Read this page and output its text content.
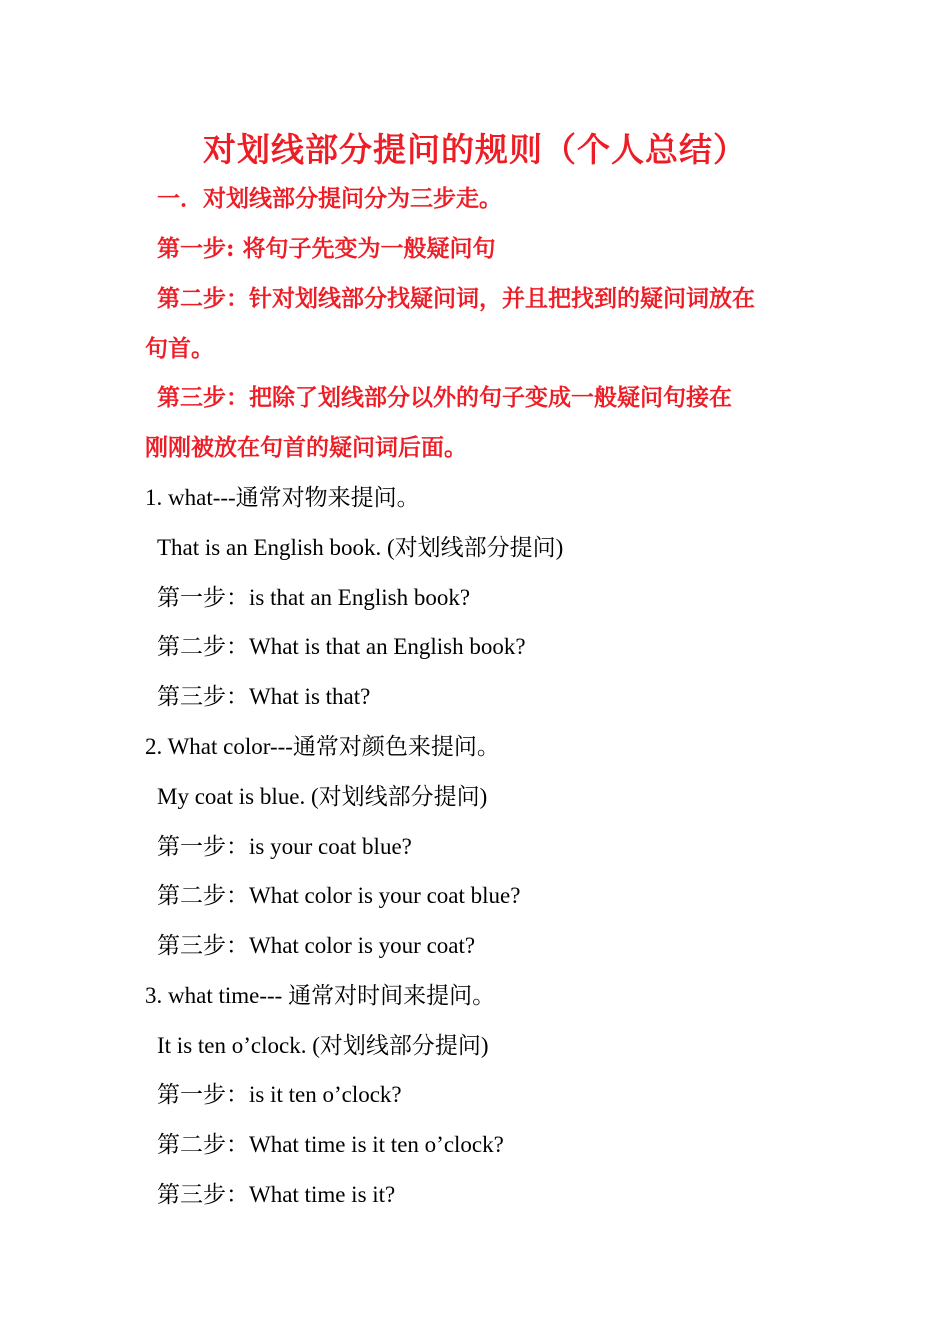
对划线部分提问的规则（个人总结）
一．对划线部分提问分为三步走。
第一步: 将句子先变为一般疑问句
第二步：针对划线部分找疑问词，并且把找到的疑问词放在
句首。
第三步：把除了划线部分以外的句子变成一般疑问句接在
刚刚被放在句首的疑问词后面。
1. what---通常对物来提问。
That is an English book. (对划线部分提问)
第一步：is that an English book?
第二步：What is that an English book?
第三步：What is that?
2. What color---通常对颜色来提问。
My coat is blue. (对划线部分提问)
第一步：is your coat blue?
第二步：What color is your coat blue?
第三步：What color is your coat?
3. what time--- 通常对时间来提问。
It is ten o’clock. (对划线部分提问)
第一步：is it ten o’clock?
第二步：What time is it ten o’clock?
第三步：What time is it?
